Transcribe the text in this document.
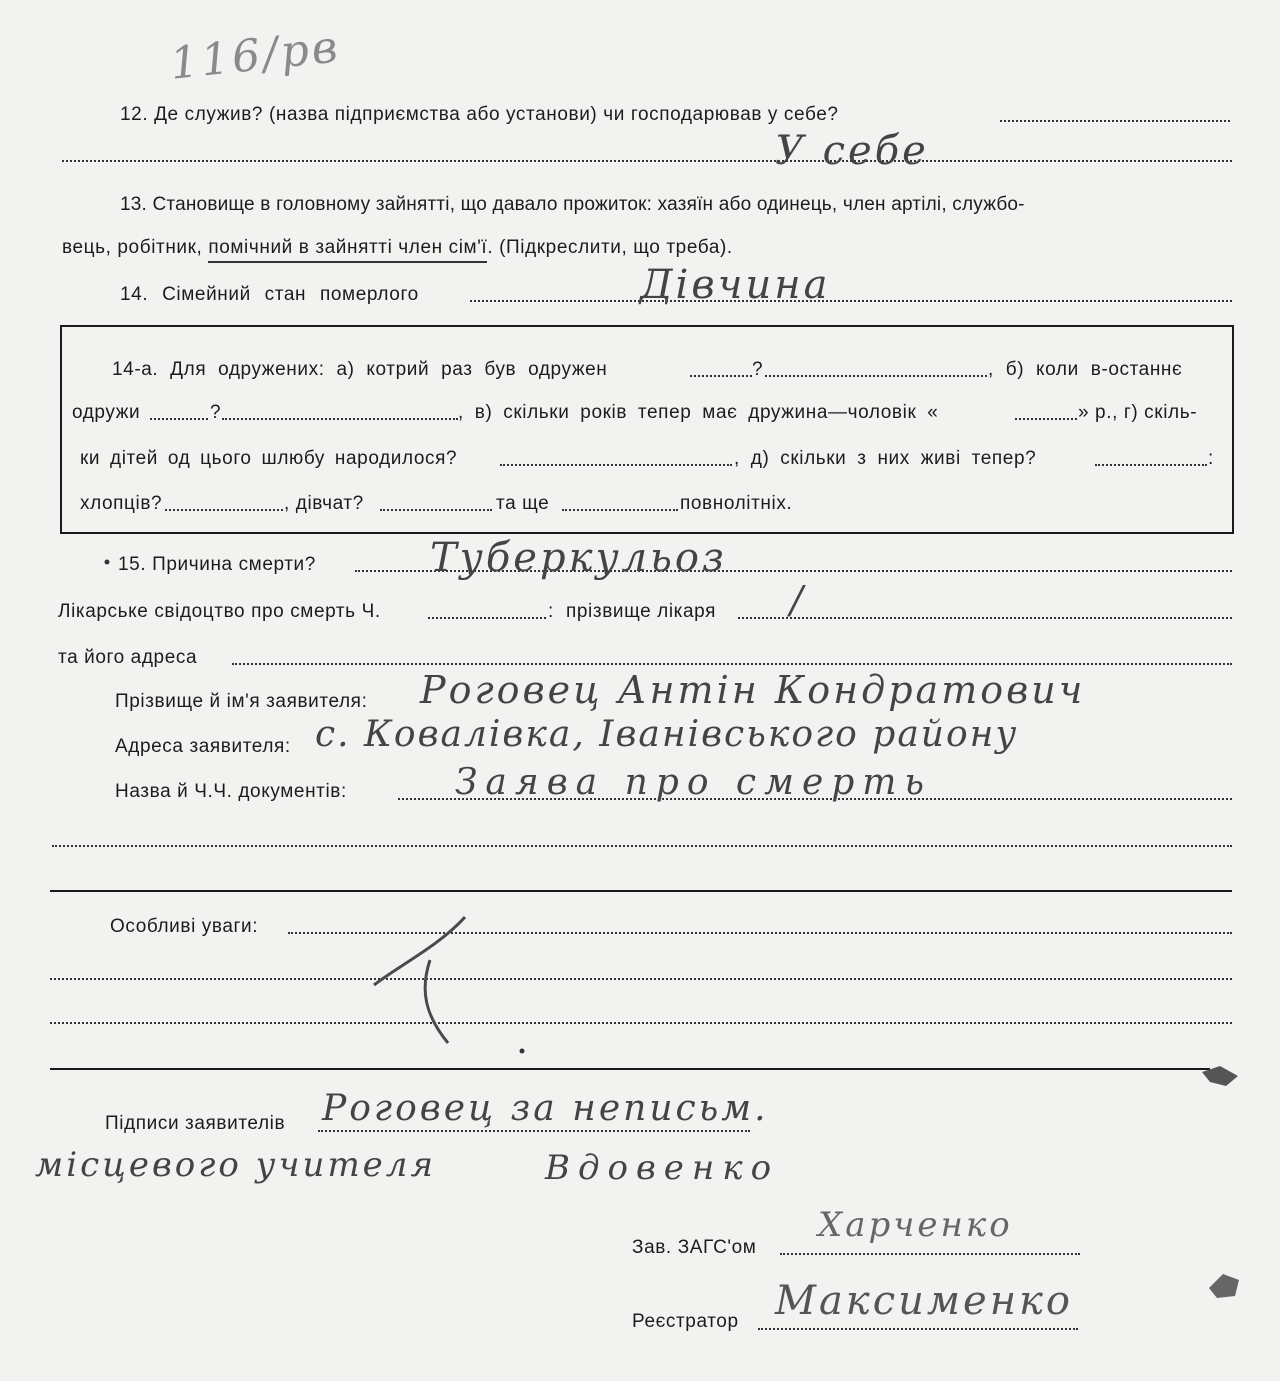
116/рв
12. Де служив? (назва підприємства або установи) чи господарював у себе?
У себе
13. Становище в головному зайнятті, що давало прожиток: хазяїн або одинець, член артілі, службо-
вець, робітник, помічний в зайнятті член сім'ї. (Підкреслити, що треба).
14. Сімейний стан померлого	Дівчина
14-а. Для одружених: а) котрий раз був одружен	?	, б) коли в-останнє
одружи	?	, в) скільки років тепер має дружина—чоловік «	» р., г) скіль-
ки дітей од цього шлюбу народилося?	, д) скільки з них живі тепер?	:
хлопців?	, дівчат?	та ще	повнолітніх.
15. Причина смерти?	Туберкульоз
Лікарське свідоцтво про смерть Ч.	: прізвище лікаря /
та його адреса
Прізвище й ім'я заявителя: Роговец Антін Кондратович
Адреса заявителя: с. Ковалівка, Іванівського району
Назва й Ч.Ч. документів:	Заява про смерть
Особливі уваги:
Підписи заявителів Роговец за неписьм.
місцевого учителя	Вдовенко
Зав. ЗАГС'ом
Харченко
Реєстратор Максименко
